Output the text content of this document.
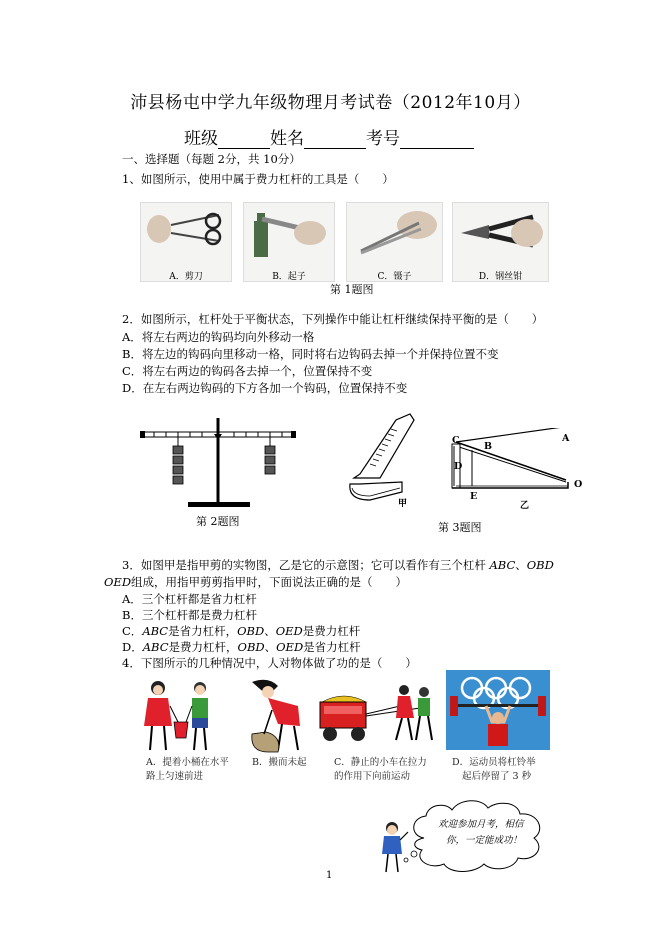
沛县杨屯中学九年级物理月考试卷（2012年10月）
班级	姓名	考号
一、选择题（每题 2分，共 10分）
1、如图所示，使用中属于费力杠杆的工具是（　　）
A．剪刀	B．起子	C．镊子	D．钢丝钳
第 1题图
2．如图所示，杠杆处于平衡状态，下列操作中能让杠杆继续保持平衡的是（　　）
A．将左右两边的钩码均向外移动一格
B．将左边的钩码向里移动一格，同时将右边钩码去掉一个并保持位置不变
C．将左右两边的钩码各去掉一个，位置保持不变
D．在左右两边钩码的下方各加一个钩码，位置保持不变
第 2题图
甲
C
B
A
D
E
O
乙
第 3题图
3．如图甲是指甲剪的实物图，乙是它的示意图；它可以看作有三个杠杆 ABC、OBD
OED组成，用指甲剪剪指甲时，下面说法正确的是（　　）
A．三个杠杆都是省力杠杆
B．三个杠杆都是费力杠杆
C．ABC是省力杠杆，OBD、OED是费力杠杆
D．ABC是费力杠杆，OBD、OED是省力杠杆
4．下图所示的几种情况中，人对物体做了功的是（　　）
A．提着小桶在水平
路上匀速前进
B．搬而未起	C．静止的小车在拉力
的作用下向前运动
D．运动员将杠铃举
起后停留了 3 秒
欢迎参加月考，相信
你，一定能成功！
1
